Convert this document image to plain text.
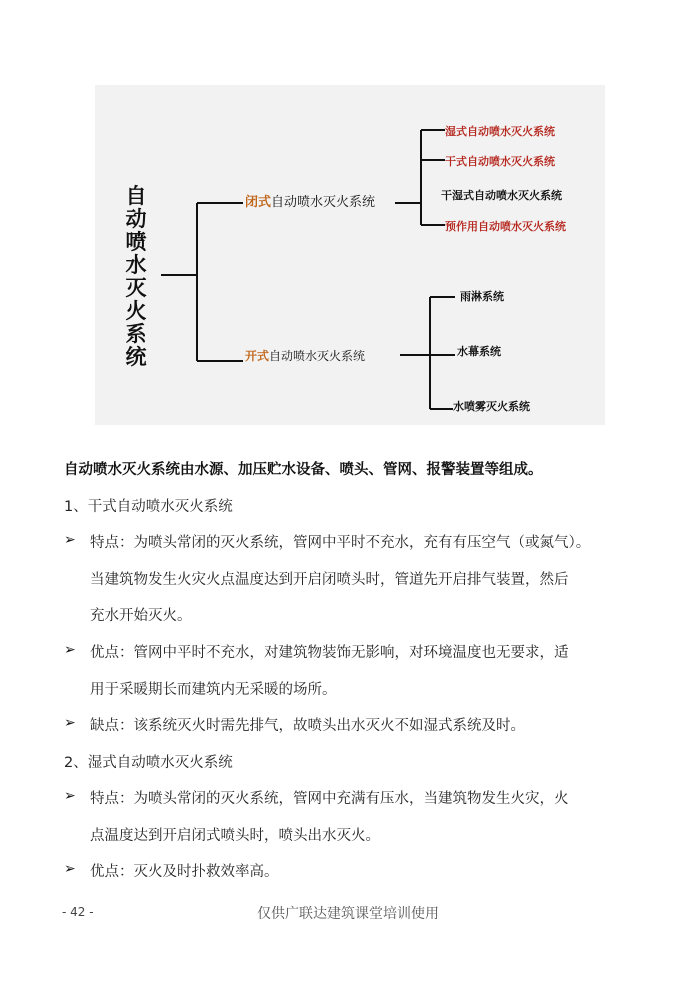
自
动
喷
水
灭
火
系
统
闭式自动喷水灭火系统
开式自动喷水灭火系统
湿式自动喷水灭火系统
干式自动喷水灭火系统
干湿式自动喷水灭火系统
预作用自动喷水灭火系统
雨淋系统
水幕系统
水喷雾灭火系统
自动喷水灭火系统由水源、加压贮水设备、喷头、管网、报警装置等组成。
1、干式自动喷水灭火系统
➢ 特点：为喷头常闭的灭火系统，管网中平时不充水，充有有压空气（或氮气）。
当建筑物发生火灾火点温度达到开启闭喷头时，管道先开启排气装置，然后
充水开始灭火。
➢ 优点：管网中平时不充水，对建筑物装饰无影响，对环境温度也无要求，适
用于采暖期长而建筑内无采暖的场所。
➢ 缺点：该系统灭火时需先排气，故喷头出水灭火不如湿式系统及时。
2、湿式自动喷水灭火系统
➢ 特点：为喷头常闭的灭火系统，管网中充满有压水，当建筑物发生火灾，火
点温度达到开启闭式喷头时，喷头出水灭火。
➢ 优点：灭火及时扑救效率高。
- 42 -	仅供广联达建筑课堂培训使用
